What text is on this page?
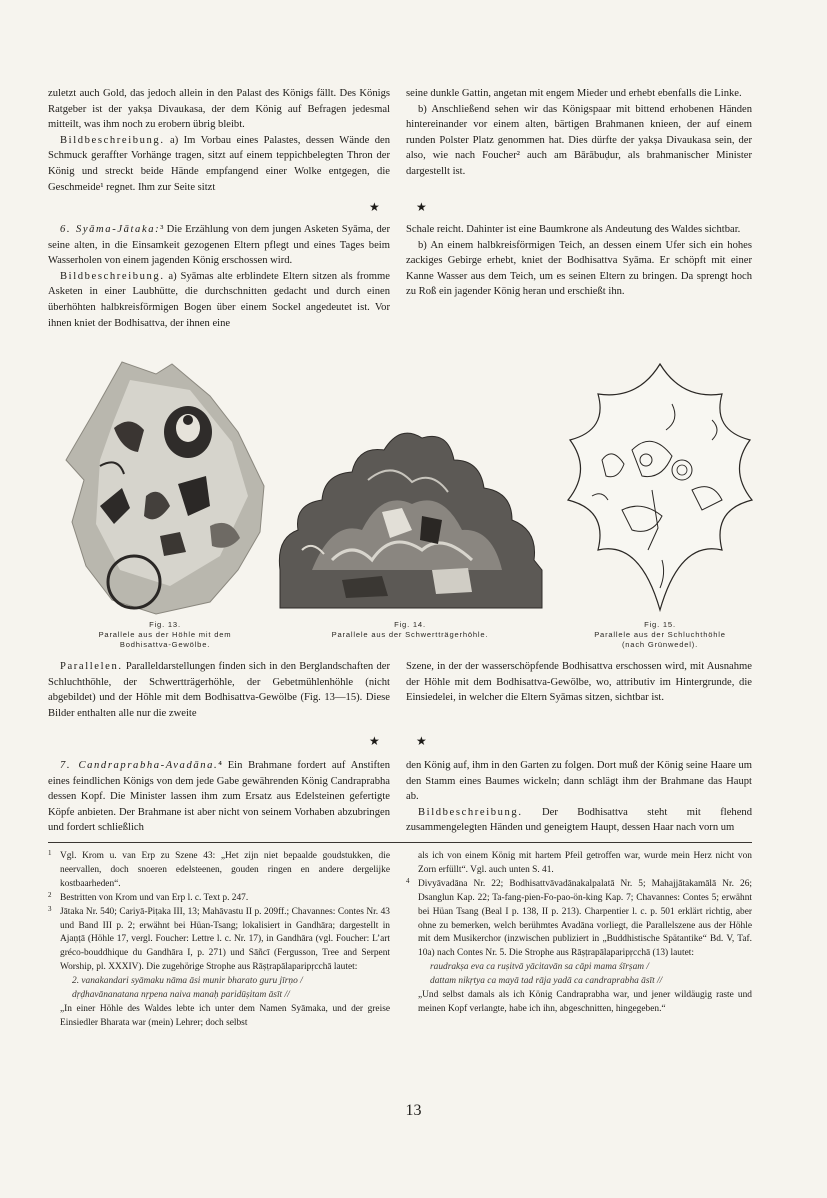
zuletzt auch Gold, das jedoch allein in den Palast des Königs fällt. Des Königs Ratgeber ist der yakṣa Divaukasa, der dem König auf Befragen jedesmal mitteilt, was ihm noch zu erobern übrig bleibt.

Bildbeschreibung. a) Im Vorbau eines Palastes, dessen Wände den Schmuck geraffter Vorhänge tragen, sitzt auf einem teppichbelegten Thron der König und streckt beide Hände empfangend einer Wolke entgegen, die Geschmeide¹ regnet. Ihm zur Seite sitzt

seine dunkle Gattin, angetan mit engem Mieder und erhebt ebenfalls die Linke.

b) Anschließend sehen wir das Königspaar mit bittend erhobenen Händen hintereinander vor einem alten, bärtigen Brahmanen knieen, der auf einem runden Polster Platz genommen hat. Dies dürfte der yakṣa Divaukasa sein, der also, wie nach Foucher² auch am Bārābuḍur, als brahmanischer Minister dargestellt ist.

★	★

6. Syāma-Jātaka:³ Die Erzählung von dem jungen Asketen Syāma, der seine alten, in die Einsamkeit gezogenen Eltern pflegt und eines Tages beim Wasserholen von einem jagenden König erschossen wird.

Bildbeschreibung. a) Syāmas alte erblindete Eltern sitzen als fromme Asketen in einer Laubhütte, die durchschnitten gedacht und durch einen überhöhten halbkreisförmigen Bogen über einem Sockel angedeutet ist. Vor ihnen kniet der Bodhisattva, der ihnen eine

Schale reicht. Dahinter ist eine Baumkrone als Andeutung des Waldes sichtbar.

b) An einem halbkreisförmigen Teich, an dessen einem Ufer sich ein hohes zackiges Gebirge erhebt, kniet der Bodhisattva Syāma. Er schöpft mit einer Kanne Wasser aus dem Teich, um es seinen Eltern zu bringen. Da sprengt hoch zu Roß ein jagender König heran und erschießt ihn.

Fig. 13.
Parallele aus der Höhle mit dem
Bodhisattva-Gewölbe.
Fig. 14.
Parallele aus der Schwertträgerhöhle.
Fig. 15.
Parallele aus der Schluchthöhle
(nach Grünwedel).

Parallelen. Paralleldarstellungen finden sich in den Berglandschaften der Schluchthöhle, der Schwertträgerhöhle, der Gebetmühlenhöhle (nicht abgebildet) und der Höhle mit dem Bodhisattva-Gewölbe (Fig. 13—15). Diese Bilder enthalten alle nur die zweite

Szene, in der der wasserschöpfende Bodhisattva erschossen wird, mit Ausnahme der Höhle mit dem Bodhisattva-Gewölbe, wo, attributiv im Hintergrunde, die Einsiedelei, in welcher die Eltern Syāmas sitzen, sichtbar ist.

★	★

7. Candraprabha-Avadāna.⁴ Ein Brahmane fordert auf Anstiften eines feindlichen Königs von dem jede Gabe gewährenden König Candraprabha dessen Kopf. Die Minister lassen ihm zum Ersatz aus Edelsteinen gefertigte Köpfe anbieten. Der Brahmane ist aber nicht von seinem Vorhaben abzubringen und fordert schließlich

den König auf, ihm in den Garten zu folgen. Dort muß der König seine Haare um den Stamm eines Baumes wickeln; dann schlägt ihm der Brahmane das Haupt ab.

Bildbeschreibung. Der Bodhisattva steht mit flehend zusammengelegten Händen und geneigtem Haupt, dessen Haar nach vorn um

1 Vgl. Krom u. van Erp zu Szene 43: „Het zijn niet bepaalde goudstukken, die neervallen, doch snoeren edelsteenen, gouden ringen en andere dergelijke kostbaarheden“.
2 Bestritten von Krom und van Erp l. c. Text p. 247.
3 Jātaka Nr. 540; Cariyā-Piṭaka III, 13; Mahāvastu II p. 209ff.; Chavannes: Contes Nr. 43 und Band III p. 2; erwähnt bei Hüan-Tsang; lokalisiert in Gandhāra; dargestellt in Ajaṇṭā (Höhle 17, vergl. Foucher: Lettre l. c. Nr. 17), in Gandhāra (vgl. Foucher: L’art gréco-bouddhique du Gandhāra I, p. 271) und Sāñcī (Fergusson, Tree and Serpent Worship, pl. XXXIV). Die zugehörige Strophe aus Rāṣṭrapālaparipṛcchā lautet:
2. vanakandari syāmaku nāma āsi munir bharato guru jīrṇo /
dṛḍhavānanatana nṛpena naiva manaḥ paridūṣitam āsīt //
„In einer Höhle des Waldes lebte ich unter dem Namen Syāmaka, und der greise Einsiedler Bharata war (mein) Lehrer; doch selbst
als ich von einem König mit hartem Pfeil getroffen war, wurde mein Herz nicht von Zorn erfüllt“. Vgl. auch unten S. 41.
4 Divyāvadāna Nr. 22; Bodhisattvāvadānakalpalatā Nr. 5; Mahajjātakamālā Nr. 26; Dsanglun Kap. 22; Ta-fang-pien-Fo-pao-ön-king Kap. 7; Chavannes: Contes 5; erwähnt bei Hüan Tsang (Beal I p. 138, II p. 213). Charpentier l. c. p. 501 erklärt richtig, aber ohne zu bemerken, welch berühmtes Avadāna vorliegt, die Parallelszene aus der Höhle mit dem Musikerchor (inzwischen publiziert in „Buddhistische Spätantike“ Bd. V, Taf. 10a) nach Contes Nr. 5. Die Strophe aus Rāṣṭrapālaparipṛcchā (13) lautet:
raudrakṣa eva ca ruṣitvā yācitavān sa cāpi mama śīrṣam /
dattam nikṛtya ca mayā tad rāja yadā ca candraprabha āsīt //
„Und selbst damals als ich König Candraprabha war, und jener wildäugig raste und meinen Kopf verlangte, habe ich ihn, abgeschnitten, hingegeben.“
13
